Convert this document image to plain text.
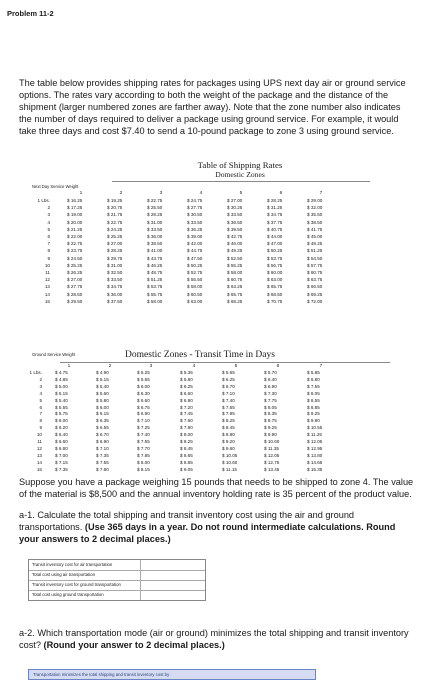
Problem 11-2
The table below provides shipping rates for packages using UPS next day air or ground service options. The rates vary according to both the weight of the package and the distance of the shipment (larger numbered zones are farther away). Note that the zone number also indicates the number of days required to deliver a package using ground service. For example, it would take three days and cost $7.40 to send a 10-pound package to zone 3 using ground service.
Table of Shipping Rates
Domestic Zones
Next Day Service Weight
1	2	3	4	5	6	7
1 Lbs.	$ 16.25	$ 19.25	$ 22.75	$ 24.75	$ 27.00	$ 28.25	$ 29.00
2	$ 17.25	$ 20.75	$ 25.50	$ 27.75	$ 30.25	$ 31.25	$ 32.00
3	$ 19.00	$ 21.75	$ 28.25	$ 30.50	$ 33.50	$ 34.75	$ 35.50
4	$ 20.00	$ 22.75	$ 31.00	$ 33.50	$ 36.50	$ 37.75	$ 38.50
5	$ 21.25	$ 24.25	$ 33.50	$ 36.25	$ 39.50	$ 40.75	$ 41.75
6	$ 22.00	$ 25.25	$ 36.00	$ 39.00	$ 42.75	$ 44.00	$ 45.00
7	$ 22.75	$ 27.00	$ 38.50	$ 42.00	$ 46.00	$ 47.00	$ 48.25
8	$ 23.75	$ 28.25	$ 41.00	$ 44.75	$ 49.25	$ 50.25	$ 51.25
9	$ 24.50	$ 29.75	$ 43.75	$ 47.50	$ 52.50	$ 53.75	$ 54.50
10	$ 25.25	$ 31.00	$ 46.25	$ 50.25	$ 55.25	$ 56.75	$ 57.75
11	$ 26.25	$ 32.50	$ 48.75	$ 52.75	$ 58.00	$ 60.00	$ 60.75
12	$ 27.00	$ 33.50	$ 51.25	$ 55.50	$ 60.75	$ 63.00	$ 63.75
13	$ 27.75	$ 34.75	$ 53.75	$ 58.00	$ 63.25	$ 65.75	$ 66.50
14	$ 28.50	$ 36.00	$ 55.75	$ 60.50	$ 65.75	$ 68.50	$ 69.25
15	$ 29.50	$ 37.50	$ 58.00	$ 63.00	$ 68.25	$ 70.75	$ 72.00
Ground Service Weight	Domestic Zones - Transit Time in Days
1	2	3	4	5	6	7
1 Lbs.	$ 4.75	$ 4.90	$ 5.25	$ 5.35	$ 5.65	$ 5.70	$ 5.85
2	$ 4.85	$ 5.15	$ 5.65	$ 5.80	$ 6.25	$ 6.40	$ 6.80
3	$ 5.00	$ 5.40	$ 6.00	$ 6.25	$ 6.70	$ 6.90	$ 7.55
4	$ 5.15	$ 5.60	$ 6.30	$ 6.60	$ 7.10	$ 7.30	$ 8.05
5	$ 5.40	$ 5.80	$ 6.60	$ 6.90	$ 7.40	$ 7.75	$ 8.55
6	$ 5.55	$ 6.00	$ 6.75	$ 7.20	$ 7.65	$ 8.05	$ 8.85
7	$ 5.75	$ 6.15	$ 6.90	$ 7.45	$ 7.95	$ 8.35	$ 9.25
8	$ 6.00	$ 6.35	$ 7.10	$ 7.60	$ 8.25	$ 8.75	$ 9.90
9	$ 6.20	$ 6.55	$ 7.25	$ 7.80	$ 8.45	$ 9.25	$ 10.55
10	$ 6.40	$ 6.70	$ 7.40	$ 8.00	$ 8.80	$ 9.90	$ 11.25
11	$ 6.60	$ 6.90	$ 7.55	$ 8.25	$ 9.20	$ 10.60	$ 12.05
12	$ 6.80	$ 7.10	$ 7.70	$ 8.45	$ 9.60	$ 11.35	$ 12.95
13	$ 7.00	$ 7.35	$ 7.85	$ 8.65	$ 10.05	$ 12.05	$ 13.80
14	$ 7.15	$ 7.55	$ 8.00	$ 8.85	$ 10.60	$ 12.75	$ 14.65
15	$ 7.35	$ 7.80	$ 8.15	$ 9.05	$ 11.15	$ 13.45	$ 15.35
Suppose you have a package weighing 15 pounds that needs to be shipped to zone 4. The value of the material is $8,500 and the annual inventory holding rate is 35 percent of the product value.
a-1. Calculate the total shipping and transit inventory cost using the air and ground transportations. (Use 365 days in a year. Do not round intermediate calculations. Round your answers to 2 decimal places.)
Transit inventory cost for air transportation
Total cost using air transportation
Transit inventory cost for ground transportation
Total cost using ground transportation
a-2. Which transportation mode (air or ground) minimizes the total shipping and transit inventory cost? (Round your answer to 2 decimal places.)
Transportation minimizes the total shipping and transit inventory cost by
